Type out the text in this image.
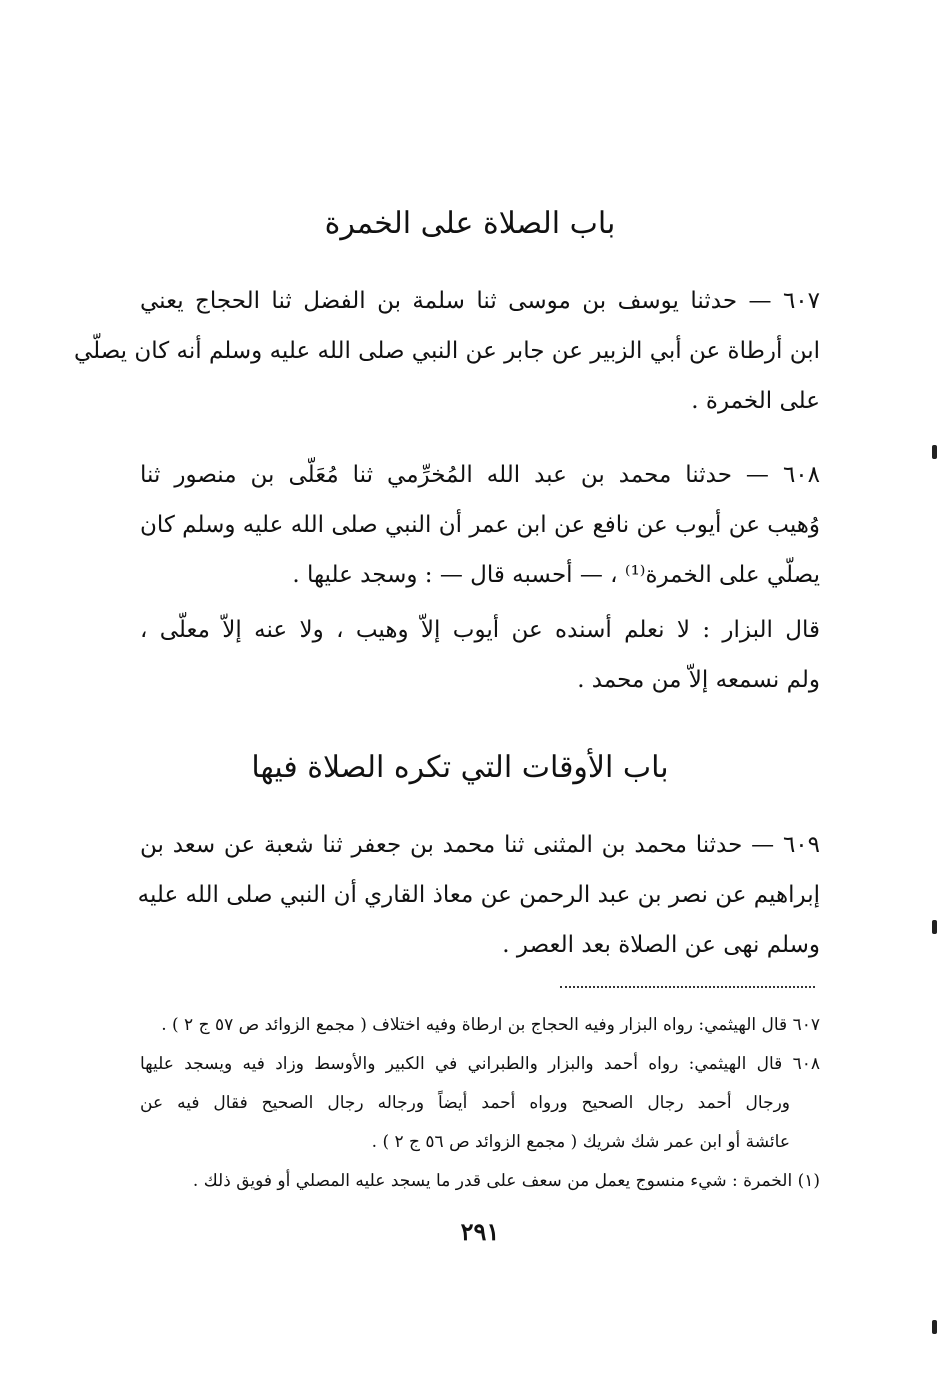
باب الصلاة على الخمرة
٦٠٧ — حدثنا يوسف بن موسى ثنا سلمة بن الفضل ثنا الحجاج يعني
ابن أرطاة عن أبي الزبير عن جابر عن النبي صلى الله عليه وسلم أنه كان يصلّي
على الخمرة .
٦٠٨ — حدثنا محمد بن عبد الله المُخرِّمي ثنا مُعَلّى بن منصور ثنا
وُهيب عن أيوب عن نافع عن ابن عمر أن النبي صلى الله عليه وسلم كان
يصلّي على الخمرة⁽¹⁾ ، — أحسبه قال — : وسجد عليها .
قال البزار : لا نعلم أسنده عن أيوب إلاّ وهيب ، ولا عنه إلاّ معلّى ،
ولم نسمعه إلاّ من محمد .
باب الأوقات التي تكره الصلاة فيها
٦٠٩ — حدثنا محمد بن المثنى ثنا محمد بن جعفر ثنا شعبة عن سعد بن
إبراهيم عن نصر بن عبد الرحمن عن معاذ القاري أن النبي صلى الله عليه
وسلم نهى عن الصلاة بعد العصر .
٦٠٧ قال الهيثمي: رواه البزار وفيه الحجاج بن ارطاة وفيه اختلاف ( مجمع الزوائد ص ٥٧ ج ٢ ) .
٦٠٨ قال الهيثمي: رواه أحمد والبزار والطبراني في الكبير والأوسط وزاد فيه ويسجد عليها
ورجال أحمد رجال الصحيح ورواه أحمد أيضاً ورجاله رجال الصحيح فقال فيه عن
عائشة أو ابن عمر شك شريك ( مجمع الزوائد ص ٥٦ ج ٢ ) .
(١) الخمرة : شيء منسوج يعمل من سعف على قدر ما يسجد عليه المصلي أو فويق ذلك .
٢٩١
